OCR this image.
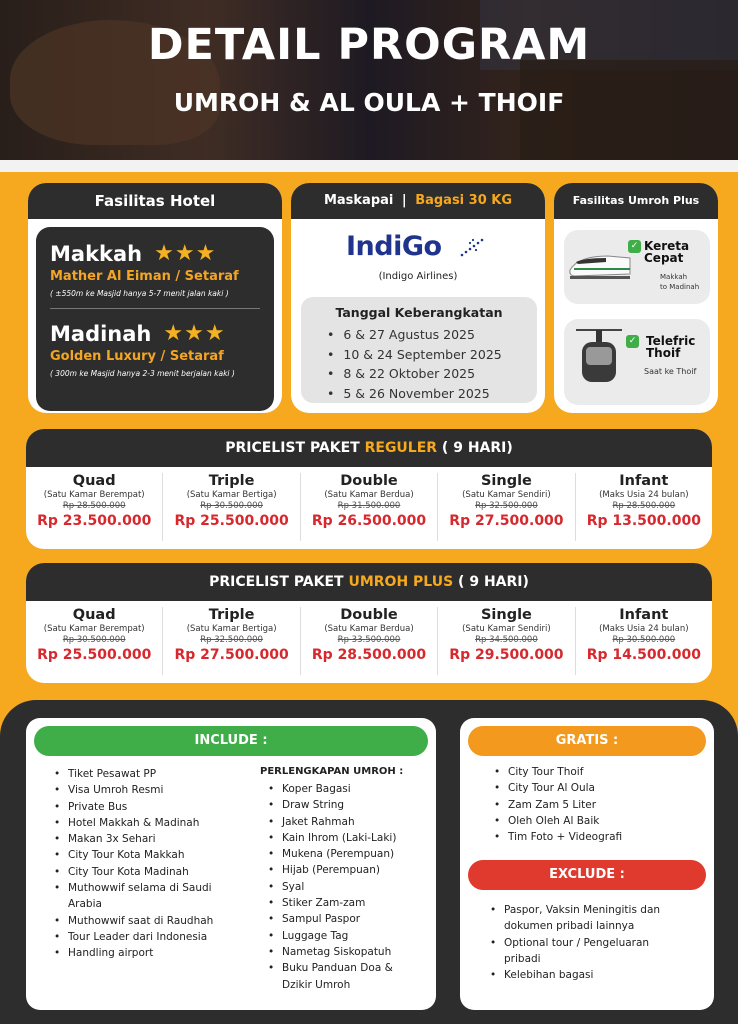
DETAIL PROGRAM
UMROH & AL OULA + THOIF
Fasilitas Hotel
Makkah ★★★
Mather Al Eiman / Setaraf
( ±550m ke Masjid hanya 5-7 menit jalan kaki )
Madinah ★★★
Golden Luxury / Setaraf
( 300m ke Masjid hanya 2-3 menit berjalan kaki )
Maskapai | Bagasi 30 KG
IndiGo
(Indigo Airlines)
Tanggal Keberangkatan
• 6 & 27 Agustus 2025
• 10 & 24 September 2025
• 8 & 22 Oktober 2025
• 5 & 26 November 2025
Fasilitas Umroh Plus
✓ Kereta
Cepat
Makkah
to Madinah
✓ Telefric
Thoif
Saat ke Thoif
PRICELIST PAKET REGULER ( 9 HARI)
Quad
(Satu Kamar Berempat)
Rp 28.500.000
Rp 23.500.000
Triple
(Satu Kamar Bertiga)
Rp 30.500.000
Rp 25.500.000
Double
(Satu Kamar Berdua)
Rp 31.500.000
Rp 26.500.000
Single
(Satu Kamar Sendiri)
Rp 32.500.000
Rp 27.500.000
Infant
(Maks Usia 24 bulan)
Rp 28.500.000
Rp 13.500.000
PRICELIST PAKET UMROH PLUS ( 9 HARI)
Quad
(Satu Kamar Berempat)
Rp 30.500.000
Rp 25.500.000
Triple
(Satu Kamar Bertiga)
Rp 32.500.000
Rp 27.500.000
Double
(Satu Kamar Berdua)
Rp 33.500.000
Rp 28.500.000
Single
(Satu Kamar Sendiri)
Rp 34.500.000
Rp 29.500.000
Infant
(Maks Usia 24 bulan)
Rp 30.500.000
Rp 14.500.000
INCLUDE :
• Tiket Pesawat PP
• Visa Umroh Resmi
• Private Bus
• Hotel Makkah & Madinah
• Makan 3x Sehari
• City Tour Kota Makkah
• City Tour Kota Madinah
• Muthowwif selama di Saudi
Arabia
• Muthowwif saat di Raudhah
• Tour Leader dari Indonesia
• Handling airport
PERLENGKAPAN UMROH :
• Koper Bagasi
• Draw String
• Jaket Rahmah
• Kain Ihrom (Laki-Laki)
• Mukena (Perempuan)
• Hijab (Perempuan)
• Syal
• Stiker Zam-zam
• Sampul Paspor
• Luggage Tag
• Nametag Siskopatuh
• Buku Panduan Doa &
Dzikir Umroh
GRATIS :
• City Tour Thoif
• City Tour Al Oula
• Zam Zam 5 Liter
• Oleh Oleh Al Baik
• Tim Foto + Videografi
EXCLUDE :
• Paspor, Vaksin Meningitis dan
dokumen pribadi lainnya
• Optional tour / Pengeluaran
pribadi
• Kelebihan bagasi
